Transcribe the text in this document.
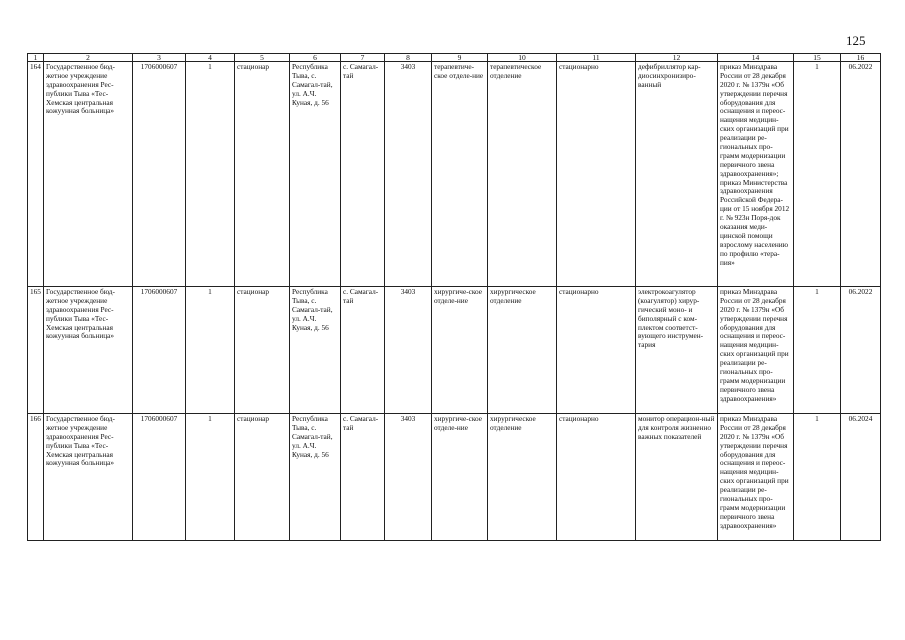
125
1	2	3	4	5	6	7	8	9	10	11	12	14	15	16
164	Государственное бюд-жетное учреждение здравоохранения Рес-публики Тыва «Тес-Хемская центральная кожуунная больница»	1706000607	1	стационар	Республика Тыва, с. Самагал-тай, ул. А.Ч. Куная, д. 56	с. Самагал-тай	3403	терапевтиче-ское отделе-ние	терапевтическое отделение	стационарно	дефибриллятор кар-диосинхронизиро-ванный	приказ Минздрава России от 28 декабря 2020 г. № 1379н «Об утверждении перечня оборудования для оснащения и переос-нащения медицин-ских организаций при реализации ре-гиональных про-грамм модернизации первичного звена здравоохранения»; приказ Министерства здравоохранения Российской Федера-ции от 15 ноября 2012 г. № 923н Поря-док оказания меди-цинской помощи взрослому населению по профилю «тера-пия»	1	06.2022
165	Государственное бюд-жетное учреждение здравоохранения Рес-публики Тыва «Тес-Хемская центральная кожуунная больница»	1706000607	1	стационар	Республика Тыва, с. Самагал-тай, ул. А.Ч. Куная, д. 56	с. Самагал-тай	3403	хирургиче-ское отделе-ние	хирургическое отделение	стационарно	электрокоагулятор (коагулятор) хирур-гический моно- и биполярный с ком-плектом соответст-вующего инструмен-тария	приказ Минздрава России от 28 декабря 2020 г. № 1379н «Об утверждении перечня оборудования для оснащения и переос-нащения медицин-ских организаций при реализации ре-гиональных про-грамм модернизации первичного звена здравоохранения»	1	06.2022
166	Государственное бюд-жетное учреждение здравоохранения Рес-публики Тыва «Тес-Хемская центральная кожуунная больница»	1706000607	1	стационар	Республика Тыва, с. Самагал-тай, ул. А.Ч. Куная, д. 56	с. Самагал-тай	3403	хирургиче-ское отделе-ние	хирургическое отделение	стационарно	монитор операцион-ный для контроля жизненно важных показателей	приказ Минздрава России от 28 декабря 2020 г. № 1379н «Об утверждении перечня оборудования для оснащения и переос-нащения медицин-ских организаций при реализации ре-гиональных про-грамм модернизации первичного звена здравоохранения»	1	06.2024
